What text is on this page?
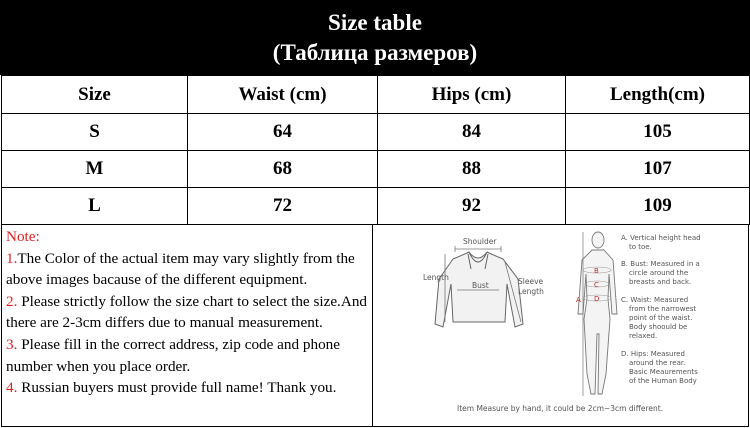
Size table
(Таблица размеров)
Size	Waist (cm)	Hips (cm)	Length(cm)
S	64	84	105
M	68	88	107
L	72	92	109

Note:

1.The Color of the actual item may vary slightly from the above images bacause of the different equipment.

2. Please strictly follow the size chart to select the size.And there are 2-3cm differs due to manual measurement.

3. Please fill in the correct address, zip code and phone number when you place order.

4. Russian buyers must provide full name! Thank you.

Shoulder
Length
Bust	Sleeve
Length
A
B
C
D
A. Vertical height head to toe.
B. Bust: Measured in a circle around the breasts and back.
C. Waist: Measured from the narrowest point of the waist. Body shoould be relaxed.
D. Hips: Measured around the rear. Basic Meaurements of the Human Body
Item Measure by hand, it could be 2cm~3cm different.
